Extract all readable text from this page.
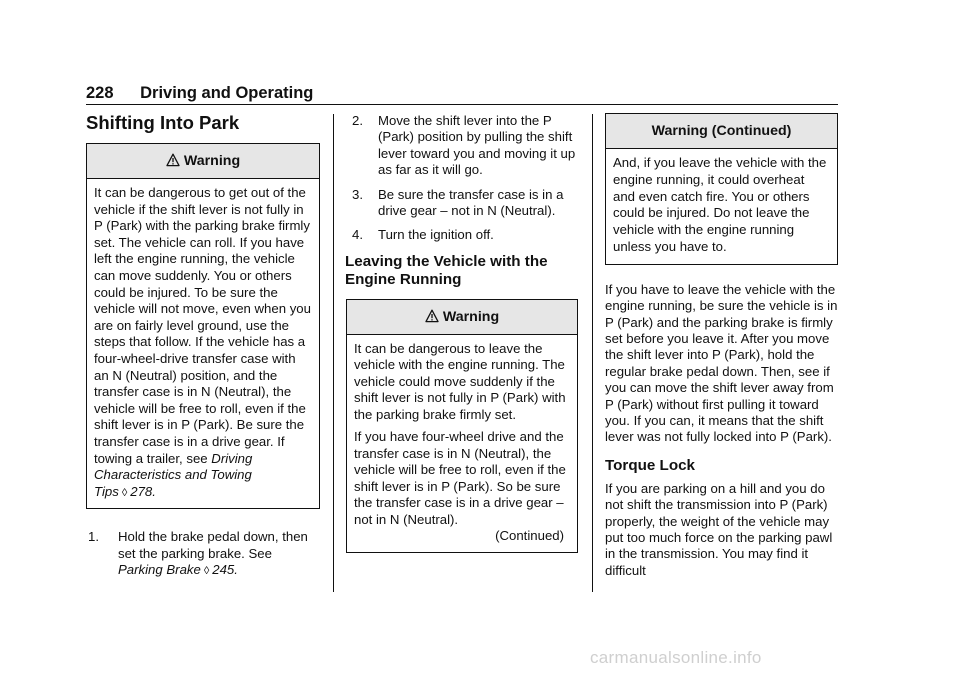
228 Driving and Operating
Shifting Into Park
Warning
It can be dangerous to get out of the vehicle if the shift lever is not fully in P (Park) with the parking brake firmly set. The vehicle can roll. If you have left the engine running, the vehicle can move suddenly. You or others could be injured. To be sure the vehicle will not move, even when you are on fairly level ground, use the steps that follow. If the vehicle has a four-wheel-drive transfer case with an N (Neutral) position, and the transfer case is in N (Neutral), the vehicle will be free to roll, even if the shift lever is in P (Park). Be sure the transfer case is in a drive gear. If towing a trailer, see Driving Characteristics and Towing Tips ◊ 278.
1.	Hold the brake pedal down, then set the parking brake. See Parking Brake ◊ 245.
2.	Move the shift lever into the P (Park) position by pulling the shift lever toward you and moving it up as far as it will go.
3.	Be sure the transfer case is in a drive gear – not in N (Neutral).
4.	Turn the ignition off.
Leaving the Vehicle with the Engine Running
Warning

It can be dangerous to leave the vehicle with the engine running. The vehicle could move suddenly if the shift lever is not fully in P (Park) with the parking brake firmly set.

If you have four-wheel drive and the transfer case is in N (Neutral), the vehicle will be free to roll, even if the shift lever is in P (Park). So be sure the transfer case is in a drive gear – not in N (Neutral).

(Continued)

Warning (Continued)
And, if you leave the vehicle with the engine running, it could overheat and even catch fire. You or others could be injured. Do not leave the vehicle with the engine running unless you have to.

If you have to leave the vehicle with the engine running, be sure the vehicle is in P (Park) and the parking brake is firmly set before you leave it. After you move the shift lever into P (Park), hold the regular brake pedal down. Then, see if you can move the shift lever away from P (Park) without first pulling it toward you. If you can, it means that the shift lever was not fully locked into P (Park).

Torque Lock

If you are parking on a hill and you do not shift the transmission into P (Park) properly, the weight of the vehicle may put too much force on the parking pawl in the transmission. You may find it difficult

carmanualsonline.info
